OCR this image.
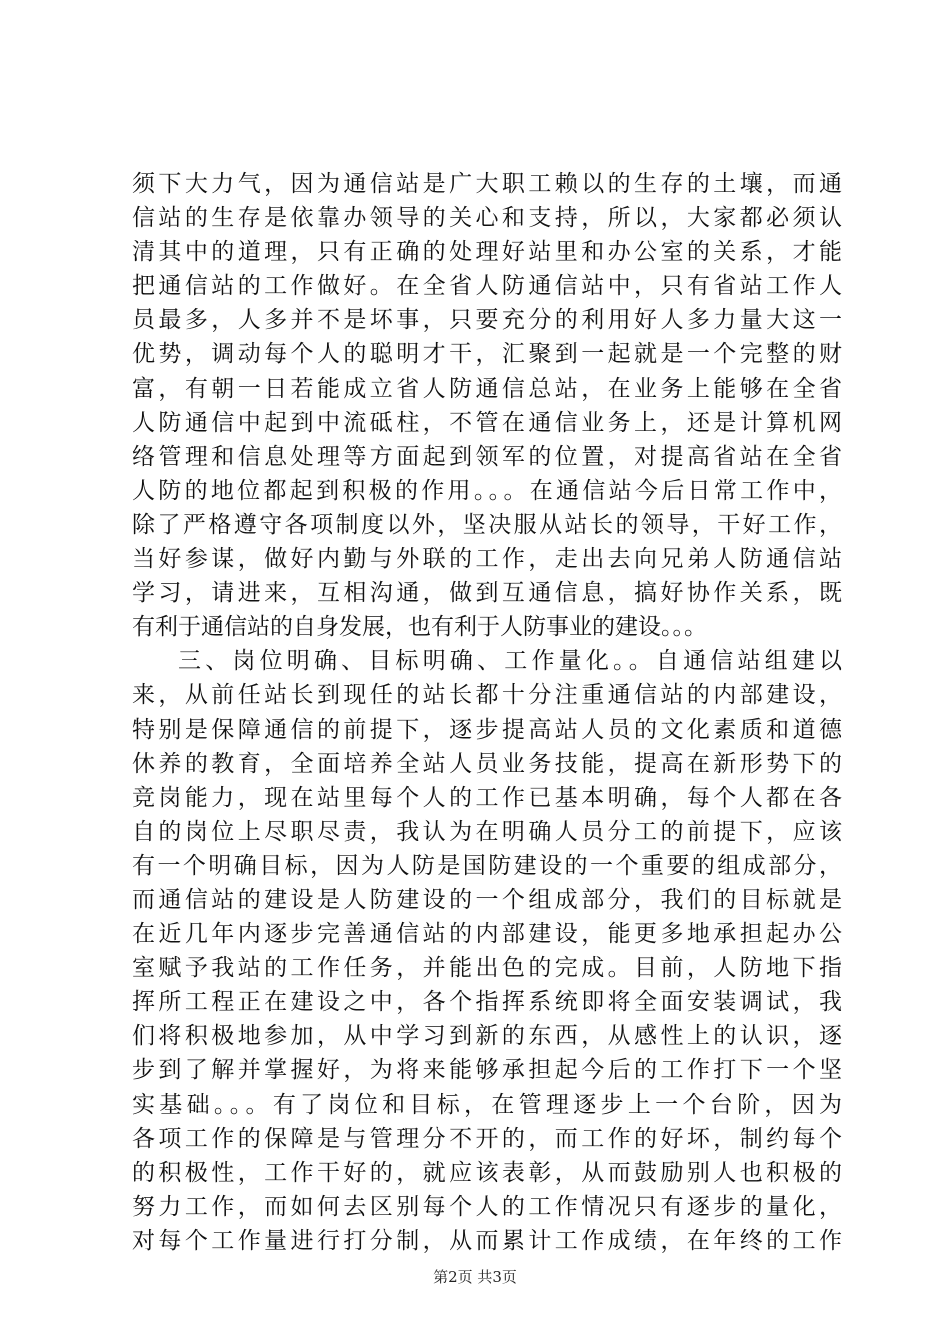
须下大力气，因为通信站是广大职工赖以的生存的土壤，而通
信站的生存是依靠办领导的关心和支持，所以，大家都必须认
清其中的道理，只有正确的处理好站里和办公室的关系，才能
把通信站的工作做好。在全省人防通信站中，只有省站工作人
员最多，人多并不是坏事，只要充分的利用好人多力量大这一
优势，调动每个人的聪明才干，汇聚到一起就是一个完整的财
富，有朝一日若能成立省人防通信总站，在业务上能够在全省
人防通信中起到中流砥柱，不管在通信业务上，还是计算机网
络管理和信息处理等方面起到领军的位置，对提高省站在全省
人防的地位都起到积极的作用。。。在通信站今后日常工作中，
除了严格遵守各项制度以外，坚决服从站长的领导，干好工作，
当好参谋，做好内勤与外联的工作，走出去向兄弟人防通信站
学习，请进来，互相沟通，做到互通信息，搞好协作关系，既
有利于通信站的自身发展，也有利于人防事业的建设。。。
三、岗位明确、目标明确、工作量化。。自通信站组建以
来，从前任站长到现任的站长都十分注重通信站的内部建设，
特别是保障通信的前提下，逐步提高站人员的文化素质和道德
休养的教育，全面培养全站人员业务技能，提高在新形势下的
竞岗能力，现在站里每个人的工作已基本明确，每个人都在各
自的岗位上尽职尽责，我认为在明确人员分工的前提下，应该
有一个明确目标，因为人防是国防建设的一个重要的组成部分，
而通信站的建设是人防建设的一个组成部分，我们的目标就是
在近几年内逐步完善通信站的内部建设，能更多地承担起办公
室赋予我站的工作任务，并能出色的完成。目前，人防地下指
挥所工程正在建设之中，各个指挥系统即将全面安装调试，我
们将积极地参加，从中学习到新的东西，从感性上的认识，逐
步到了解并掌握好，为将来能够承担起今后的工作打下一个坚
实基础。。。有了岗位和目标，在管理逐步上一个台阶，因为
各项工作的保障是与管理分不开的，而工作的好坏，制约每个
的积极性，工作干好的，就应该表彰，从而鼓励别人也积极的
努力工作，而如何去区别每个人的工作情况只有逐步的量化，
对每个工作量进行打分制，从而累计工作成绩，在年终的工作
第2页 共3页
